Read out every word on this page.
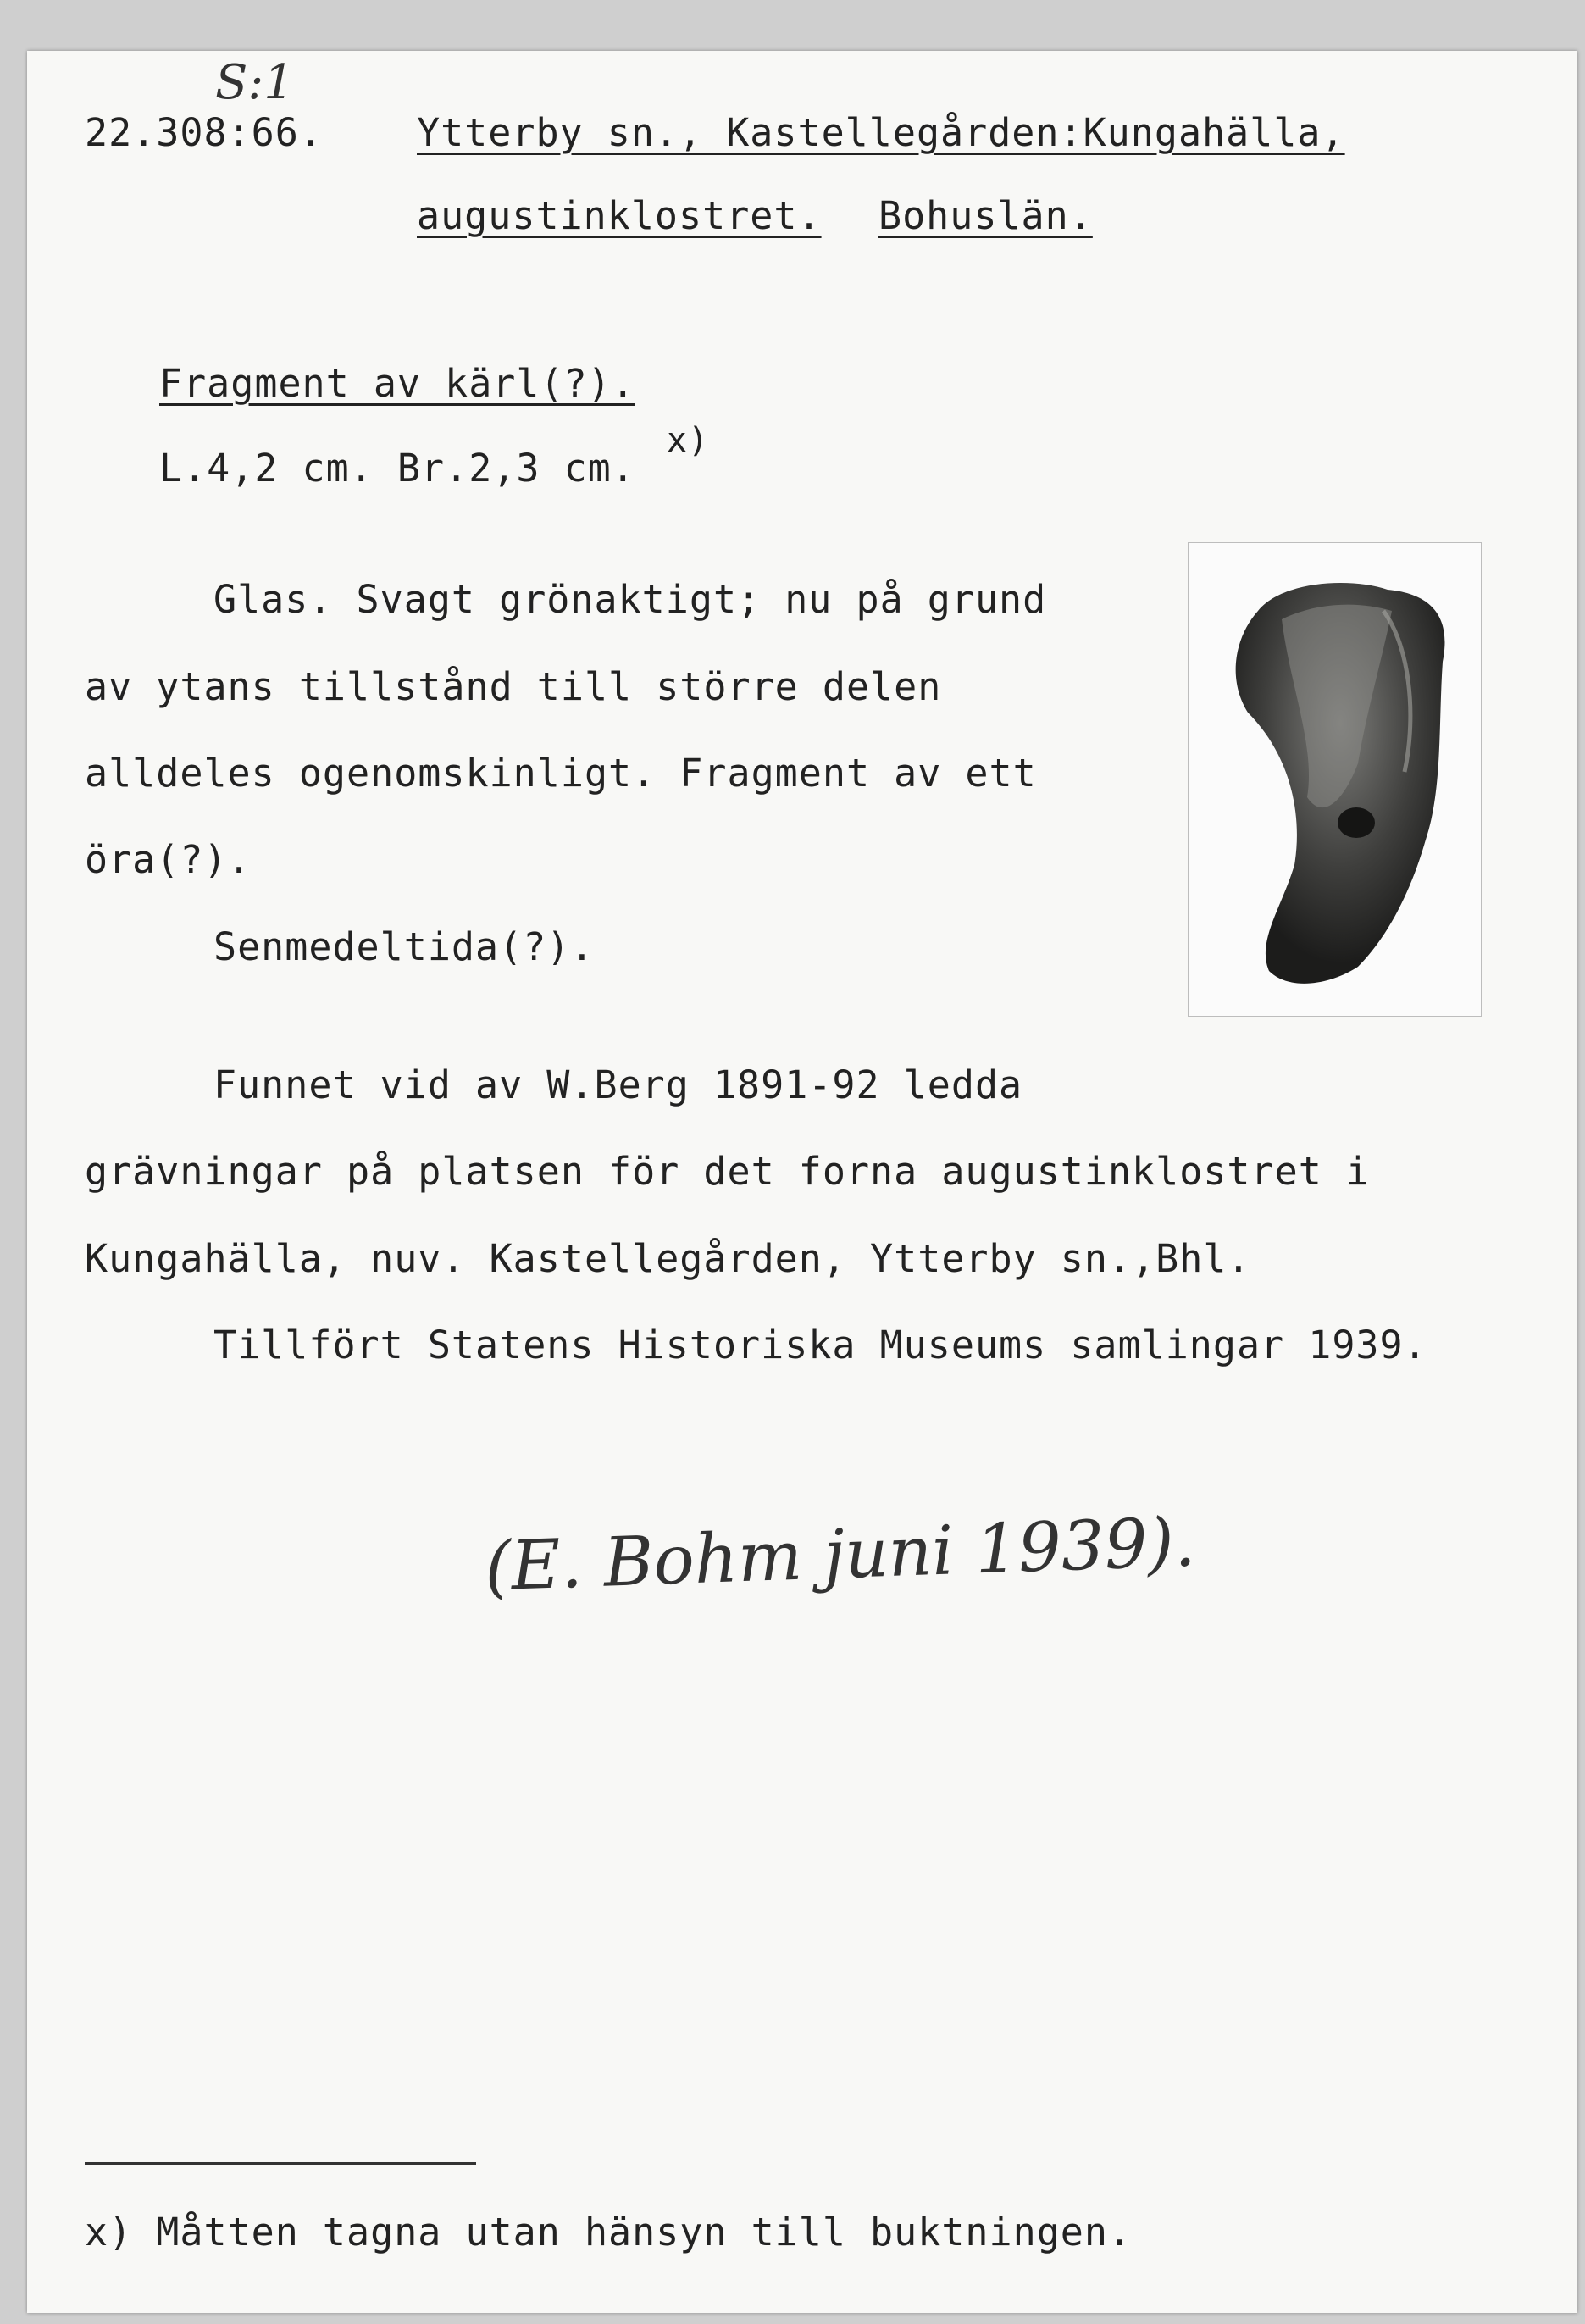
S:1
22.308:66. Ytterby sn., Kastellegården:Kungahälla,
augustinklostret. Bohuslän.
Fragment av kärl(?).
L.4,2 cm. Br.2,3 cm.
x)
Glas. Svagt grönaktigt; nu på grund
av ytans tillstånd till större delen
alldeles ogenomskinligt. Fragment av ett
öra(?).
Senmedeltida(?).
Funnet vid av W.Berg 1891-92 ledda
grävningar på platsen för det forna augustinklostret i
Kungahälla, nuv. Kastellegården, Ytterby sn.,Bhl.
Tillfört Statens Historiska Museums samlingar 1939.
(E. Bohm juni 1939).
x) Måtten tagna utan hänsyn till buktningen.
